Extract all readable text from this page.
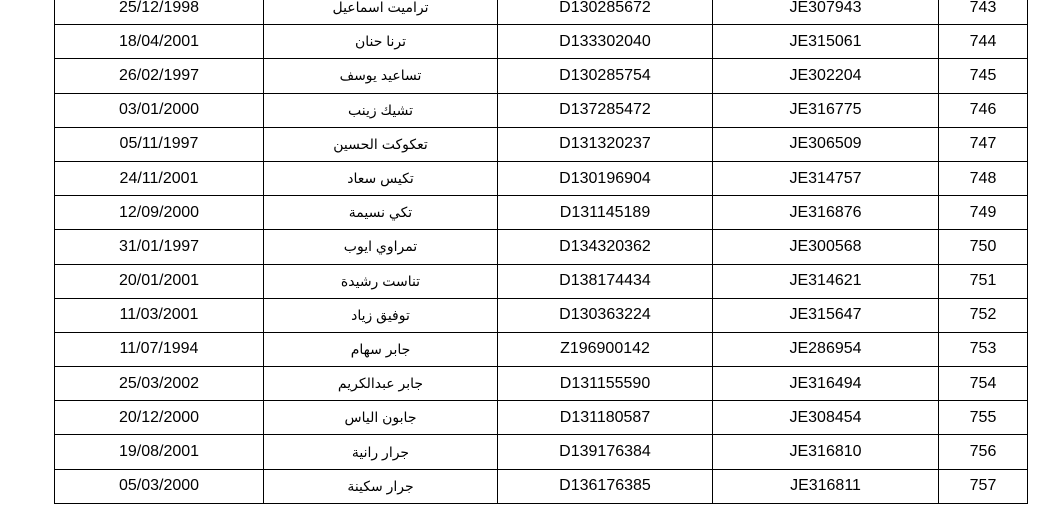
25/12/1998	ترامیت اسماعیل	D130285672	JE307943	743
18/04/2001	ترنا حنان	D133302040	JE315061	744
26/02/1997	تساعید یوسف	D130285754	JE302204	745
03/01/2000	تشیك زینب	D137285472	JE316775	746
05/11/1997	تعكوكت الحسین	D131320237	JE306509	747
24/11/2001	تكیس سعاد	D130196904	JE314757	748
12/09/2000	تكي نسیمة	D131145189	JE316876	749
31/01/1997	تمراوي ایوب	D134320362	JE300568	750
20/01/2001	تناست رشیدة	D138174434	JE314621	751
11/03/2001	توفیق زیاد	D130363224	JE315647	752
11/07/1994	جابر سهام	Z196900142	JE286954	753
25/03/2002	جابر عبدالكریم	D131155590	JE316494	754
20/12/2000	جابون الیاس	D131180587	JE308454	755
19/08/2001	جرار رانیة	D139176384	JE316810	756
05/03/2000	جرار سكینة	D136176385	JE316811	757
